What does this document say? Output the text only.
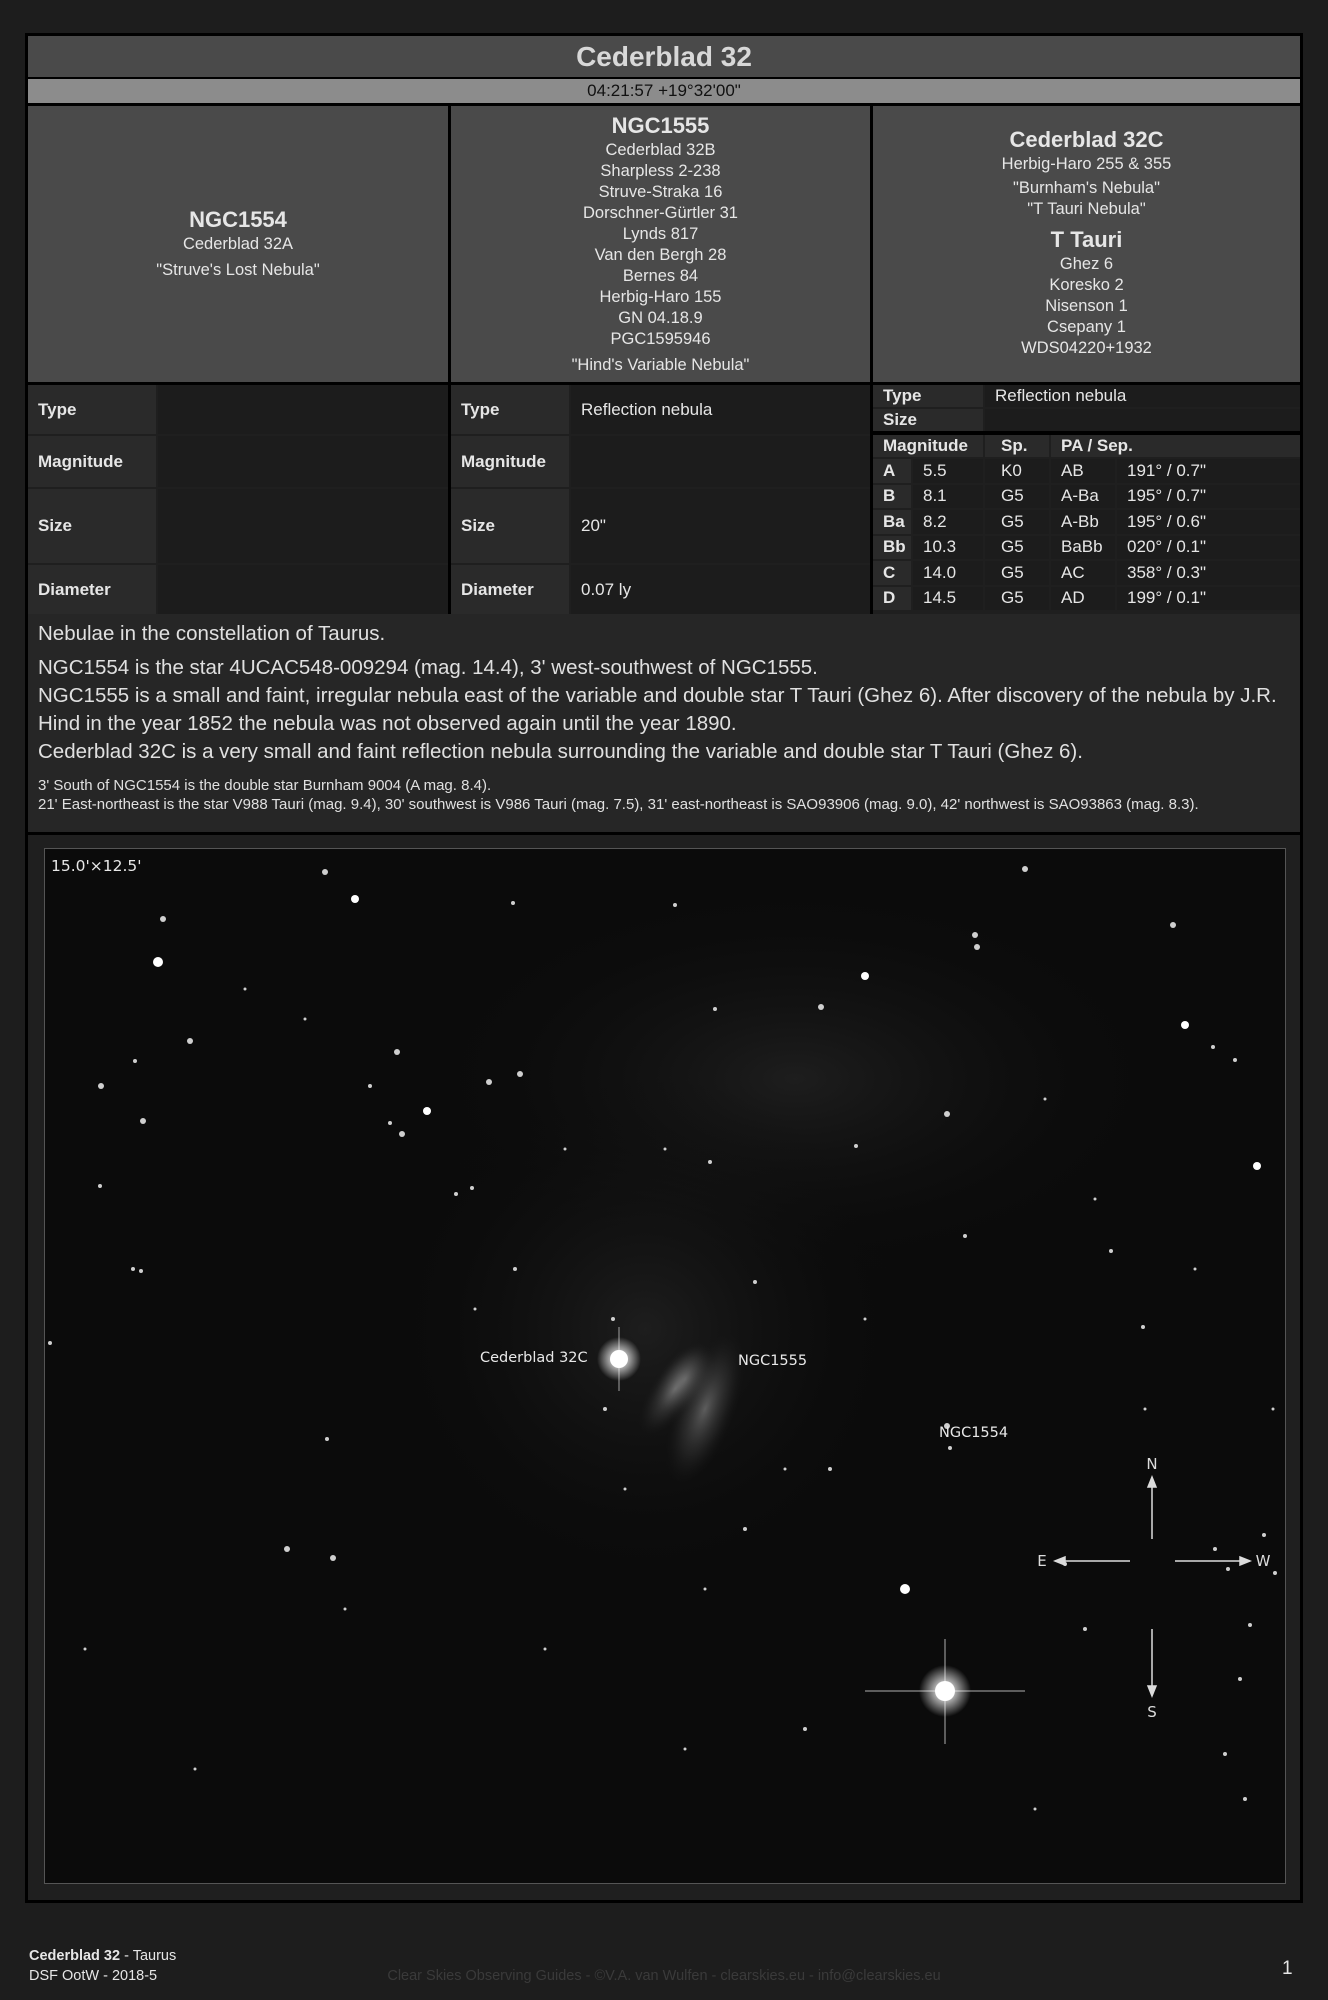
Cederblad 32
04:21:57 +19°32'00"
NGC1554
Cederblad 32A
"Struve's Lost Nebula"
NGC1555
Cederblad 32B
Sharpless 2-238
Struve-Straka 16
Dorschner-Gürtler 31
Lynds 817
Van den Bergh 28
Bernes 84
Herbig-Haro 155
GN 04.18.9
PGC1595946
"Hind's Variable Nebula"
Cederblad 32C
Herbig-Haro 255 & 355
"Burnham's Nebula"
"T Tauri Nebula"
T Tauri
Ghez 6
Koresko 2
Nisenson 1
Csepany 1
WDS04220+1932
Type
Magnitude
Size
Diameter
Type	Reflection nebula
Magnitude
Size	20"
Diameter	0.07 ly
Type	Reflection nebula
Size
Magnitude	Sp.	PA / Sep.
A	5.5	K0	AB	191° / 0.7"
B	8.1	G5	A-Ba	195° / 0.7"
Ba	8.2	G5	A-Bb	195° / 0.6"
Bb	10.3	G5	BaBb	020° / 0.1"
C	14.0	G5	AC	358° / 0.3"
D	14.5	G5	AD	199° / 0.1"
Nebulae in the constellation of Taurus.
NGC1554 is the star 4UCAC548-009294 (mag. 14.4), 3' west-southwest of NGC1555.
NGC1555 is a small and faint, irregular nebula east of the variable and double star T Tauri (Ghez 6). After discovery of the nebula by J.R. Hind in the year 1852 the nebula was not observed again until the year 1890.
Cederblad 32C is a very small and faint reflection nebula surrounding the variable and double star T Tauri (Ghez 6).
3' South of NGC1554 is the double star Burnham 9004 (A mag. 8.4).
21' East-northeast is the star V988 Tauri (mag. 9.4), 30' southwest is V986 Tauri (mag. 7.5), 31' east-northeast is SAO93906 (mag. 9.0), 42' northwest is SAO93863 (mag. 8.3).
Cederblad 32C	NGC1555
NGC1554
15.0'×12.5'
N
S
E	W
Cederblad 32 - Taurus
DSF OotW - 2018-5	Clear Skies Observing Guides - ©V.A. van Wulfen - clearskies.eu - info@clearskies.eu	1
